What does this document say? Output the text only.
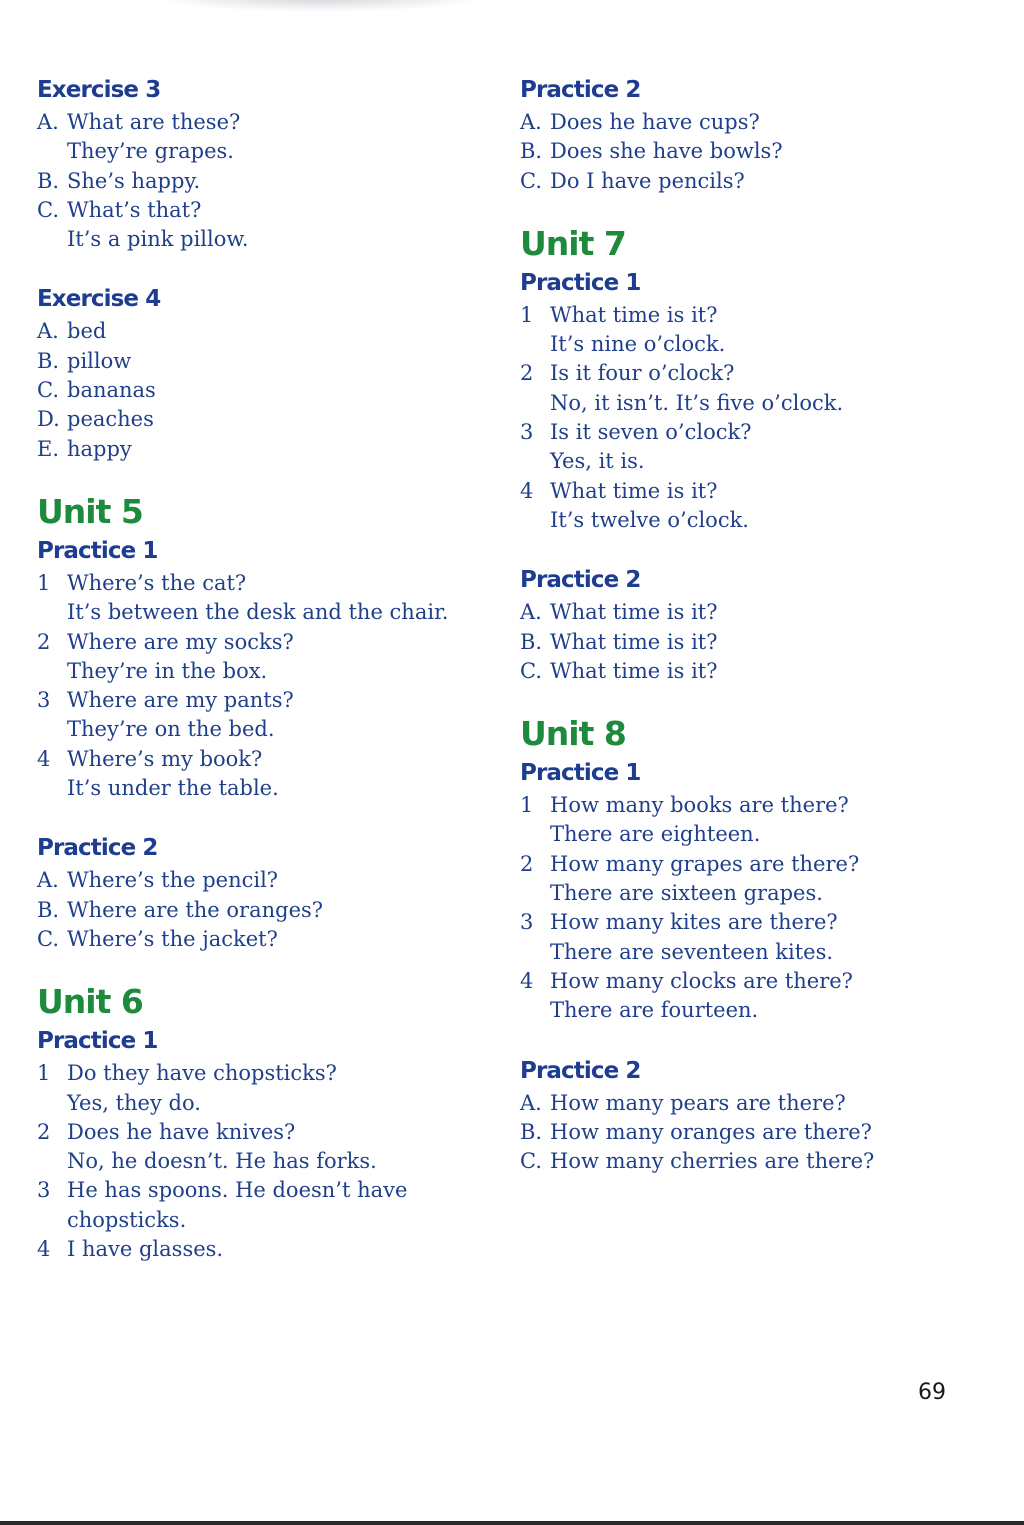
Exercise 3
A. What are these?
They’re grapes.
B. She’s happy.
C. What’s that?
It’s a pink pillow.
Exercise 4
A. bed
B. pillow
C. bananas
D. peaches
E. happy
Unit 5
Practice 1
1 Where’s the cat?
It’s between the desk and the chair.
2 Where are my socks?
They’re in the box.
3 Where are my pants?
They’re on the bed.
4 Where’s my book?
It’s under the table.
Practice 2
A. Where’s the pencil?
B. Where are the oranges?
C. Where’s the jacket?
Unit 6
Practice 1
1 Do they have chopsticks?
Yes, they do.
2 Does he have knives?
No, he doesn’t. He has forks.
3 He has spoons. He doesn’t have
chopsticks.
4 I have glasses.
Practice 2
A. Does he have cups?
B. Does she have bowls?
C. Do I have pencils?
Unit 7
Practice 1
1 What time is it?
It’s nine o’clock.
2 Is it four o’clock?
No, it isn’t. It’s five o’clock.
3 Is it seven o’clock?
Yes, it is.
4 What time is it?
It’s twelve o’clock.
Practice 2
A. What time is it?
B. What time is it?
C. What time is it?
Unit 8
Practice 1
1 How many books are there?
There are eighteen.
2 How many grapes are there?
There are sixteen grapes.
3 How many kites are there?
There are seventeen kites.
4 How many clocks are there?
There are fourteen.
Practice 2
A. How many pears are there?
B. How many oranges are there?
C. How many cherries are there?
69
